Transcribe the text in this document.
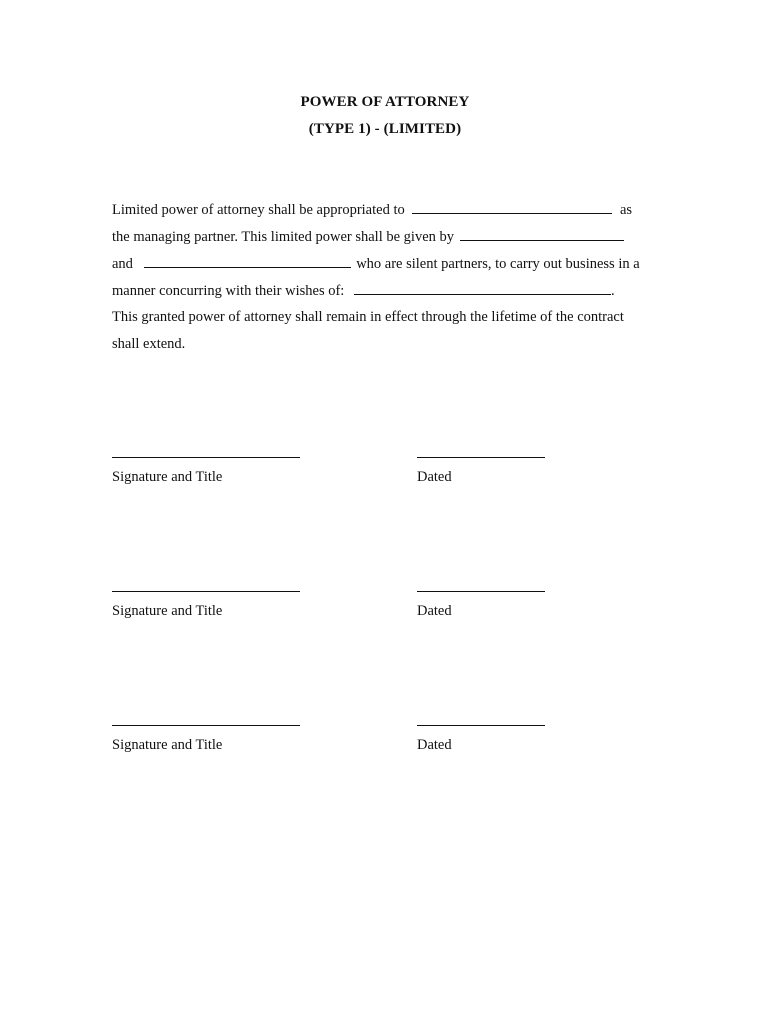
POWER OF ATTORNEY
(TYPE 1) - (LIMITED)
Limited power of attorney shall be appropriated to	as
the managing partner. This limited power shall be given by
and	who are silent partners, to carry out business in a
manner concurring with their wishes of:	.
This granted power of attorney shall remain in effect through the lifetime of the contract
shall extend.
Signature and Title	Dated
Signature and Title	Dated
Signature and Title	Dated
